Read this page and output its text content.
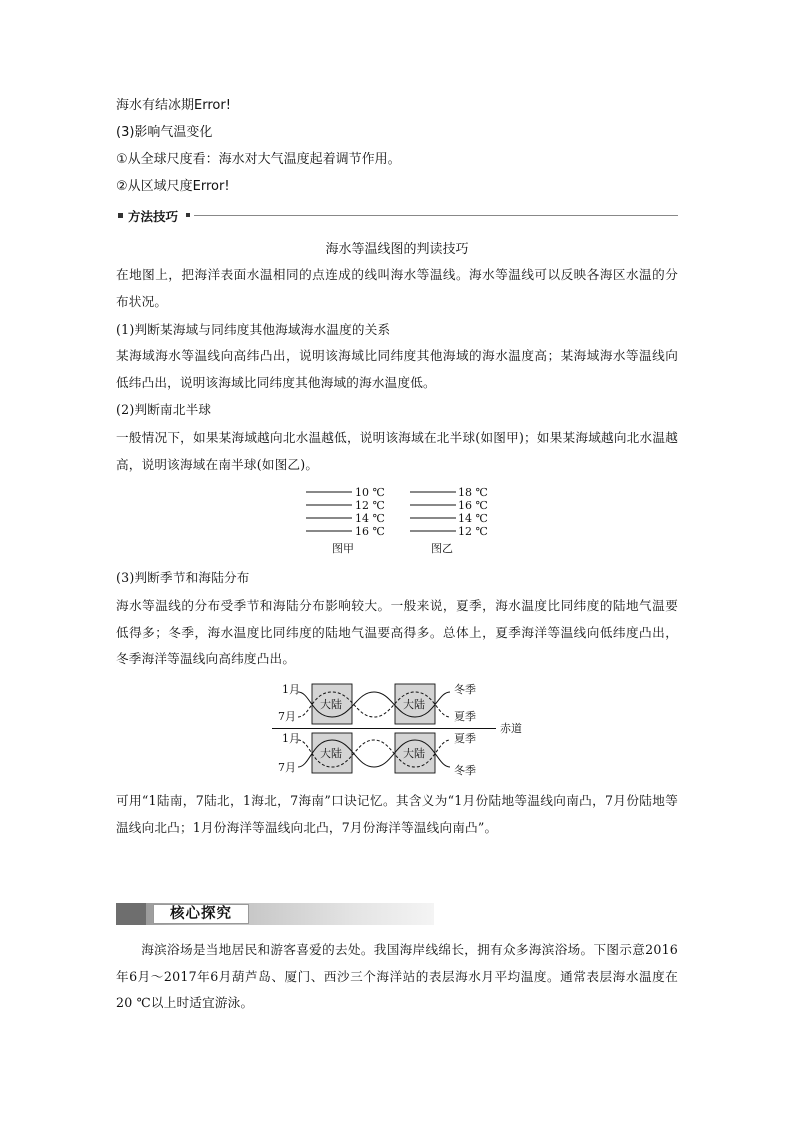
海水有结冰期Error!
(3)影响气温变化
①从全球尺度看：海水对大气温度起着调节作用。
②从区域尺度Error!
方法技巧
海水等温线图的判读技巧
在地图上，把海洋表面水温相同的点连成的线叫海水等温线。海水等温线可以反映各海区水温的分布状况。
(1)判断某海域与同纬度其他海域海水温度的关系
某海域海水等温线向高纬凸出，说明该海域比同纬度其他海域的海水温度高；某海域海水等温线向低纬凸出，说明该海域比同纬度其他海域的海水温度低。
(2)判断南北半球
一般情况下，如果某海域越向北水温越低，说明该海域在北半球(如图甲)；如果某海域越向北水温越高，说明该海域在南半球(如图乙)。
10 ℃
12 ℃
14 ℃
16 ℃
18 ℃
16 ℃
14 ℃
12 ℃
图甲	图乙
(3)判断季节和海陆分布
海水等温线的分布受季节和海陆分布影响较大。一般来说，夏季，海水温度比同纬度的陆地气温要低得多；冬季，海水温度比同纬度的陆地气温要高得多。总体上，夏季海洋等温线向低纬度凸出，冬季海洋等温线向高纬度凸出。
1月
7月
1月
7月
大陆	大陆
大陆	大陆
冬季
夏季
夏季
冬季
赤道
可用“1陆南，7陆北，1海北，7海南”口诀记忆。其含义为“1月份陆地等温线向南凸，7月份陆地等温线向北凸；1月份海洋等温线向北凸，7月份海洋等温线向南凸”。
核心探究
海滨浴场是当地居民和游客喜爱的去处。我国海岸线绵长，拥有众多海滨浴场。下图示意2016年6月～2017年6月葫芦岛、厦门、西沙三个海洋站的表层海水月平均温度。通常表层海水温度在20 ℃以上时适宜游泳。
